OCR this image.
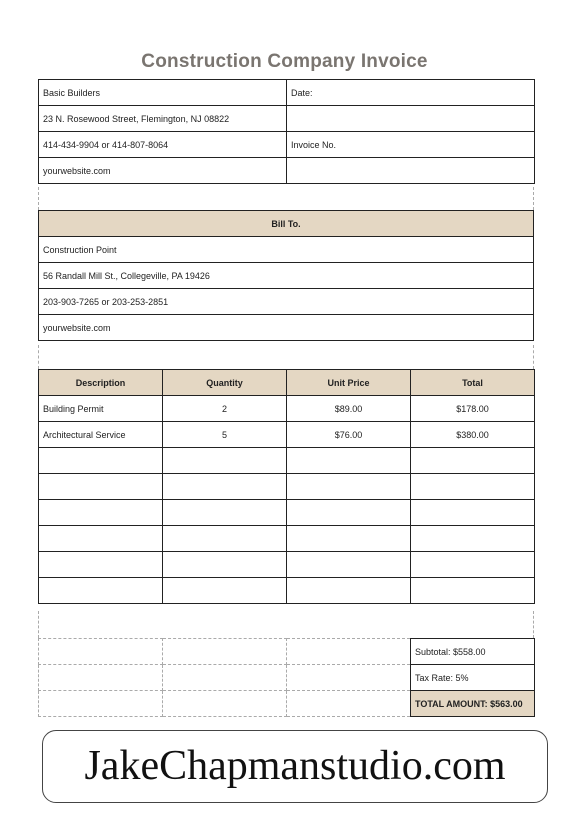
Construction Company Invoice
Basic Builders	Date:
23 N. Rosewood Street, Flemington, NJ 08822	
414-434-9904 or 414-807-8064	Invoice No.
yourwebsite.com	
Bill To.
Construction Point
56 Randall Mill St., Collegeville, PA 19426
203-903-7265 or 203-253-2851
yourwebsite.com
Description	Quantity	Unit Price	Total
Building Permit	2	$89.00	$178.00
Architectural Service	5	$76.00	$380.00

			Subtotal: $558.00
			Tax Rate: 5%
			TOTAL AMOUNT: $563.00
JakeChapmanstudio.com
